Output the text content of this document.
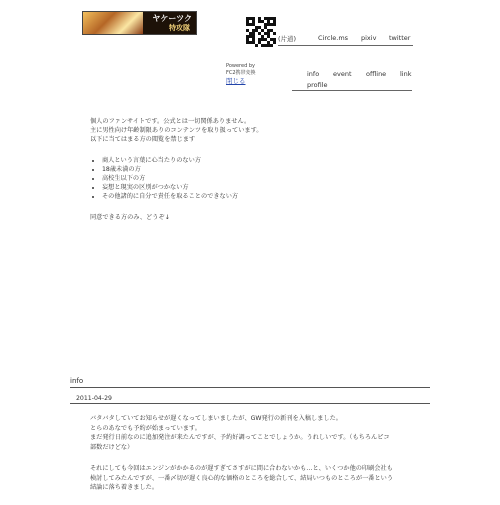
ヤケーツク
特攻隊
(片道)	Circle.ms pixiv twitter
Powered by
FC2携帯変換
閉じる
info event offline link
profile
個人のファンサイトです。公式とは一切関係ありません。
主に男性向け年齢制限ありのコンテンツを取り扱っています。
以下に当てはまる方の閲覧を禁じます
• 商人という言葉に心当たりのない方
• 18歳未満の方
• 高校生以下の方
• 妄想と現実の区別がつかない方
• その他諸的に自分で責任を取ることのできない方
同意できる方のみ、どうぞ↓
info
2011-04-29

バタバタしていてお知らせが遅くなってしまいましたが、GW発行の新刊を入稿しました。
とらのあなでも予約が始まっています。
まだ発行日前なのに追加発注が来たんですが、予約好調ってことでしょうか。うれしいです。（もちろんピコ
部数だけどな）

それにしても今回はエンジンがかかるのが遅すぎてさすがに間に合わないかも…と、いくつか他の印刷会社も
検討してみたんですが、一番〆切が遅く良心的な価格のところを総合して、結局いつものところが一番という
結論に落ち着きました。
